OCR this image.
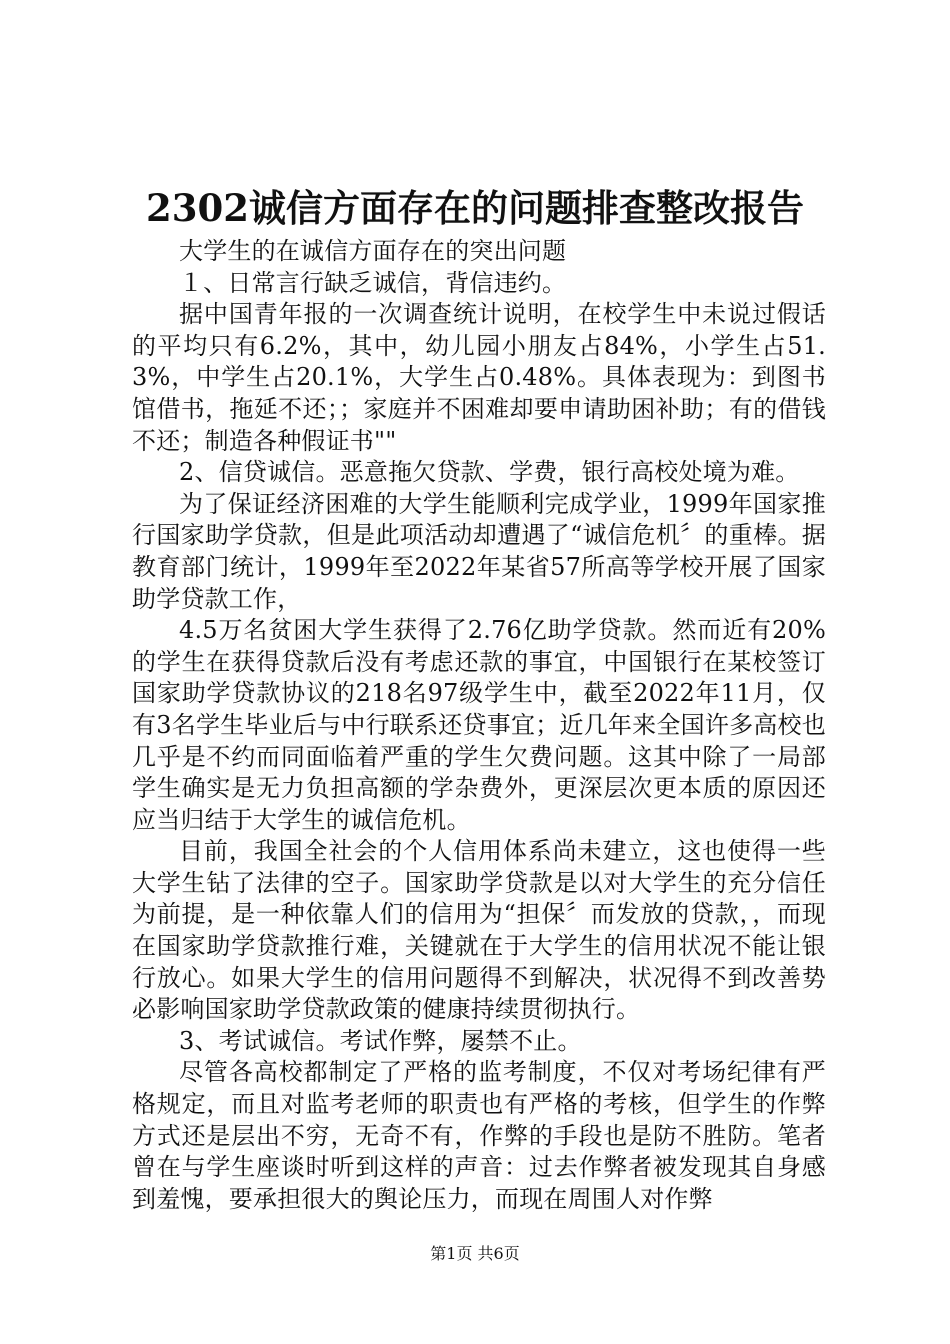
2302诚信方面存在的问题排查整改报告

大学生的在诚信方面存在的突出问题

１、日常言行缺乏诚信，背信违约。

据中国青年报的一次调查统计说明，在校学生中未说过假话的平均只有6.2%，其中，幼儿园小朋友占84%，小学生占51.3%，中学生占20.1%，大学生占0.48%。具体表现为：到图书馆借书，拖延不还；；家庭并不困难却要申请助困补助；有的借钱不还；制造各种假证书""

2、信贷诚信。恶意拖欠贷款、学费，银行高校处境为难。

为了保证经济困难的大学生能顺利完成学业，1999年国家推行国家助学贷款，但是此项活动却遭遇了“诚信危机〞的重棒。据教育部门统计，1999年至2022年某省57所高等学校开展了国家助学贷款工作，

4.5万名贫困大学生获得了2.76亿助学贷款。然而近有20%的学生在获得贷款后没有考虑还款的事宜，中国银行在某校签订国家助学贷款协议的218名97级学生中，截至2022年11月，仅有3名学生毕业后与中行联系还贷事宜；近几年来全国许多高校也几乎是不约而同面临着严重的学生欠费问题。这其中除了一局部学生确实是无力负担高额的学杂费外，更深层次更本质的原因还应当归结于大学生的诚信危机。

目前，我国全社会的个人信用体系尚未建立，这也使得一些大学生钻了法律的空子。国家助学贷款是以对大学生的充分信任为前提，是一种依靠人们的信用为“担保〞而发放的贷款，，而现在国家助学贷款推行难，关键就在于大学生的信用状况不能让银行放心。如果大学生的信用问题得不到解决，状况得不到改善势必影响国家助学贷款政策的健康持续贯彻执行。

3、考试诚信。考试作弊，屡禁不止。

尽管各高校都制定了严格的监考制度，不仅对考场纪律有严格规定，而且对监考老师的职责也有严格的考核，但学生的作弊方式还是层出不穷，无奇不有，作弊的手段也是防不胜防。笔者曾在与学生座谈时听到这样的声音：过去作弊者被发现其自身感到羞愧，要承担很大的舆论压力，而现在周围人对作弊

第1页 共6页
